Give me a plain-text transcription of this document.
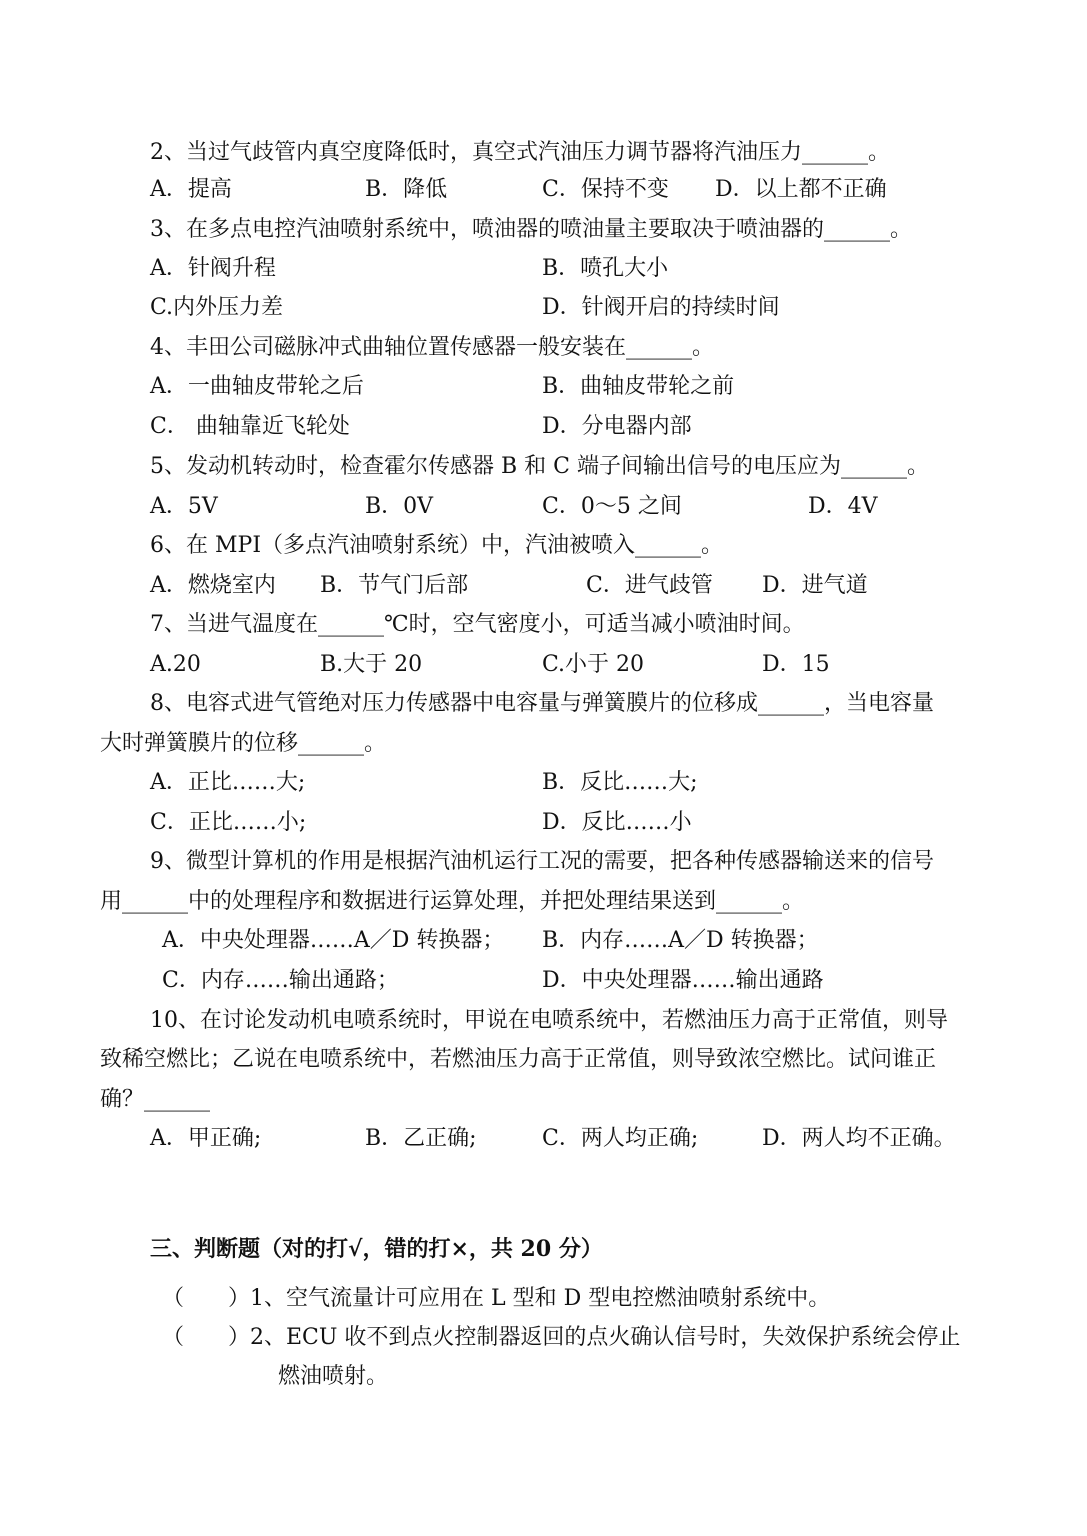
2、当过气歧管内真空度降低时，真空式汽油压力调节器将汽油压力______。
A．提高	B．降低	C．保持不变 D．以上都不正确
3、在多点电控汽油喷射系统中，喷油器的喷油量主要取决于喷油器的______。
A．针阀升程	B．喷孔大小
C.内外压力差	D．针阀开启的持续时间
4、丰田公司磁脉冲式曲轴位置传感器一般安装在______。
A．一曲轴皮带轮之后	B．曲轴皮带轮之前
C． 曲轴靠近飞轮处	D．分电器内部
5、发动机转动时，检查霍尔传感器 B 和 C 端子间输出信号的电压应为______。
A．5V	B．0V	C．0～5 之间	D．4V
6、在 MPI（多点汽油喷射系统）中，汽油被喷入______。
A．燃烧室内 B．节气门后部	C．进气歧管 D．进气道
7、当进气温度在______℃时，空气密度小，可适当减小喷油时间。
A.20	B.大于 20	C.小于 20	D．15
8、电容式进气管绝对压力传感器中电容量与弹簧膜片的位移成______，当电容量
大时弹簧膜片的位移______。
A．正比……大;	B．反比……大;
C．正比……小;	D．反比……小
9、微型计算机的作用是根据汽油机运行工况的需要，把各种传感器输送来的信号
用______中的处理程序和数据进行运算处理，并把处理结果送到______。
A．中央处理器……A／D 转换器； B．内存……A／D 转换器；
C．内存……输出通路；	D．中央处理器……输出通路
10、在讨论发动机电喷系统时，甲说在电喷系统中，若燃油压力高于正常值，则导
致稀空燃比；乙说在电喷系统中，若燃油压力高于正常值，则导致浓空燃比。试问谁正
确？______
A．甲正确;	B．乙正确;	C．两人均正确;	D．两人均不正确。
三、判断题（对的打√，错的打×，共 20 分）
（　　） 1、空气流量计可应用在 L 型和 D 型电控燃油喷射系统中。
（　　） 2、ECU 收不到点火控制器返回的点火确认信号时，失效保护系统会停止
燃油喷射。
